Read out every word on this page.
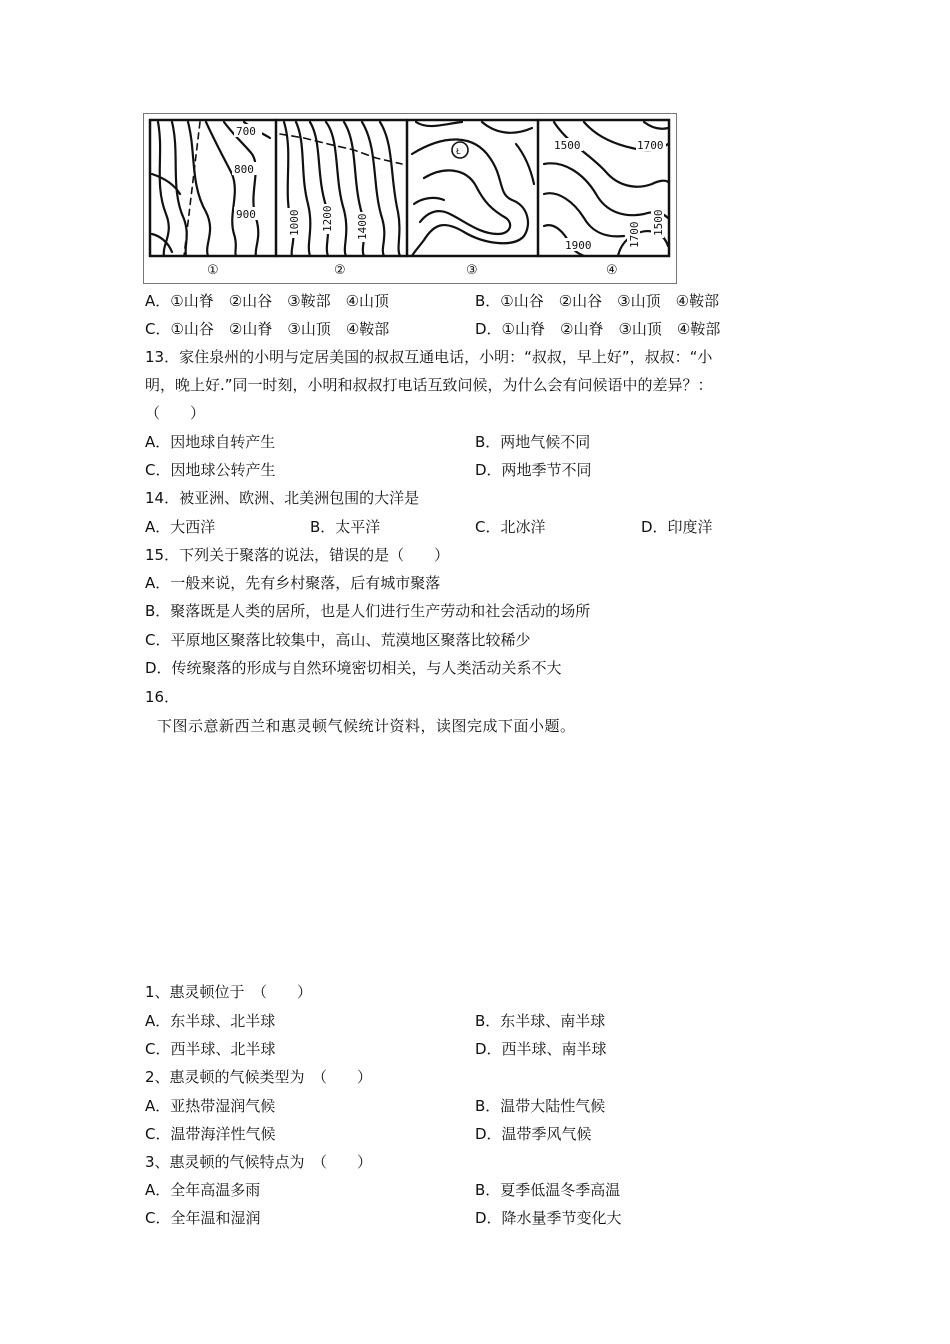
700
800
900	1000 1200 1400
1500	1700
1900	1700 1500
Ł
①	②	③	④
A．①山脊　②山谷　③鞍部　④山顶	B．①山谷　②山谷　③山顶　④鞍部
C．①山谷　②山脊　③山顶　④鞍部	D．①山脊　②山脊　③山顶　④鞍部
13．家住泉州的小明与定居美国的叔叔互通电话，小明：“叔叔，早上好”，叔叔：“小
明，晚上好.”同一时刻，小明和叔叔打电话互致问候，为什么会有问候语中的差异？：
（　　）
A．因地球自转产生	B．两地气候不同
C．因地球公转产生	D．两地季节不同
14．被亚洲、欧洲、北美洲包围的大洋是
A．大西洋	B．太平洋	C．北冰洋	D．印度洋
15．下列关于聚落的说法，错误的是（　　）
A．一般来说，先有乡村聚落，后有城市聚落
B．聚落既是人类的居所，也是人们进行生产劳动和社会活动的场所
C．平原地区聚落比较集中，高山、荒漠地区聚落比较稀少
D．传统聚落的形成与自然环境密切相关，与人类活动关系不大
16．
下图示意新西兰和惠灵顿气候统计资料，读图完成下面小题。
1、惠灵顿位于　（　　）
A．东半球、北半球	B．东半球、南半球
C．西半球、北半球	D．西半球、南半球
2、惠灵顿的气候类型为　（　　）
A．亚热带湿润气候	B．温带大陆性气候
C．温带海洋性气候	D．温带季风气候
3、惠灵顿的气候特点为　（　　）
A．全年高温多雨	B．夏季低温冬季高温
C．全年温和湿润	D．降水量季节变化大
